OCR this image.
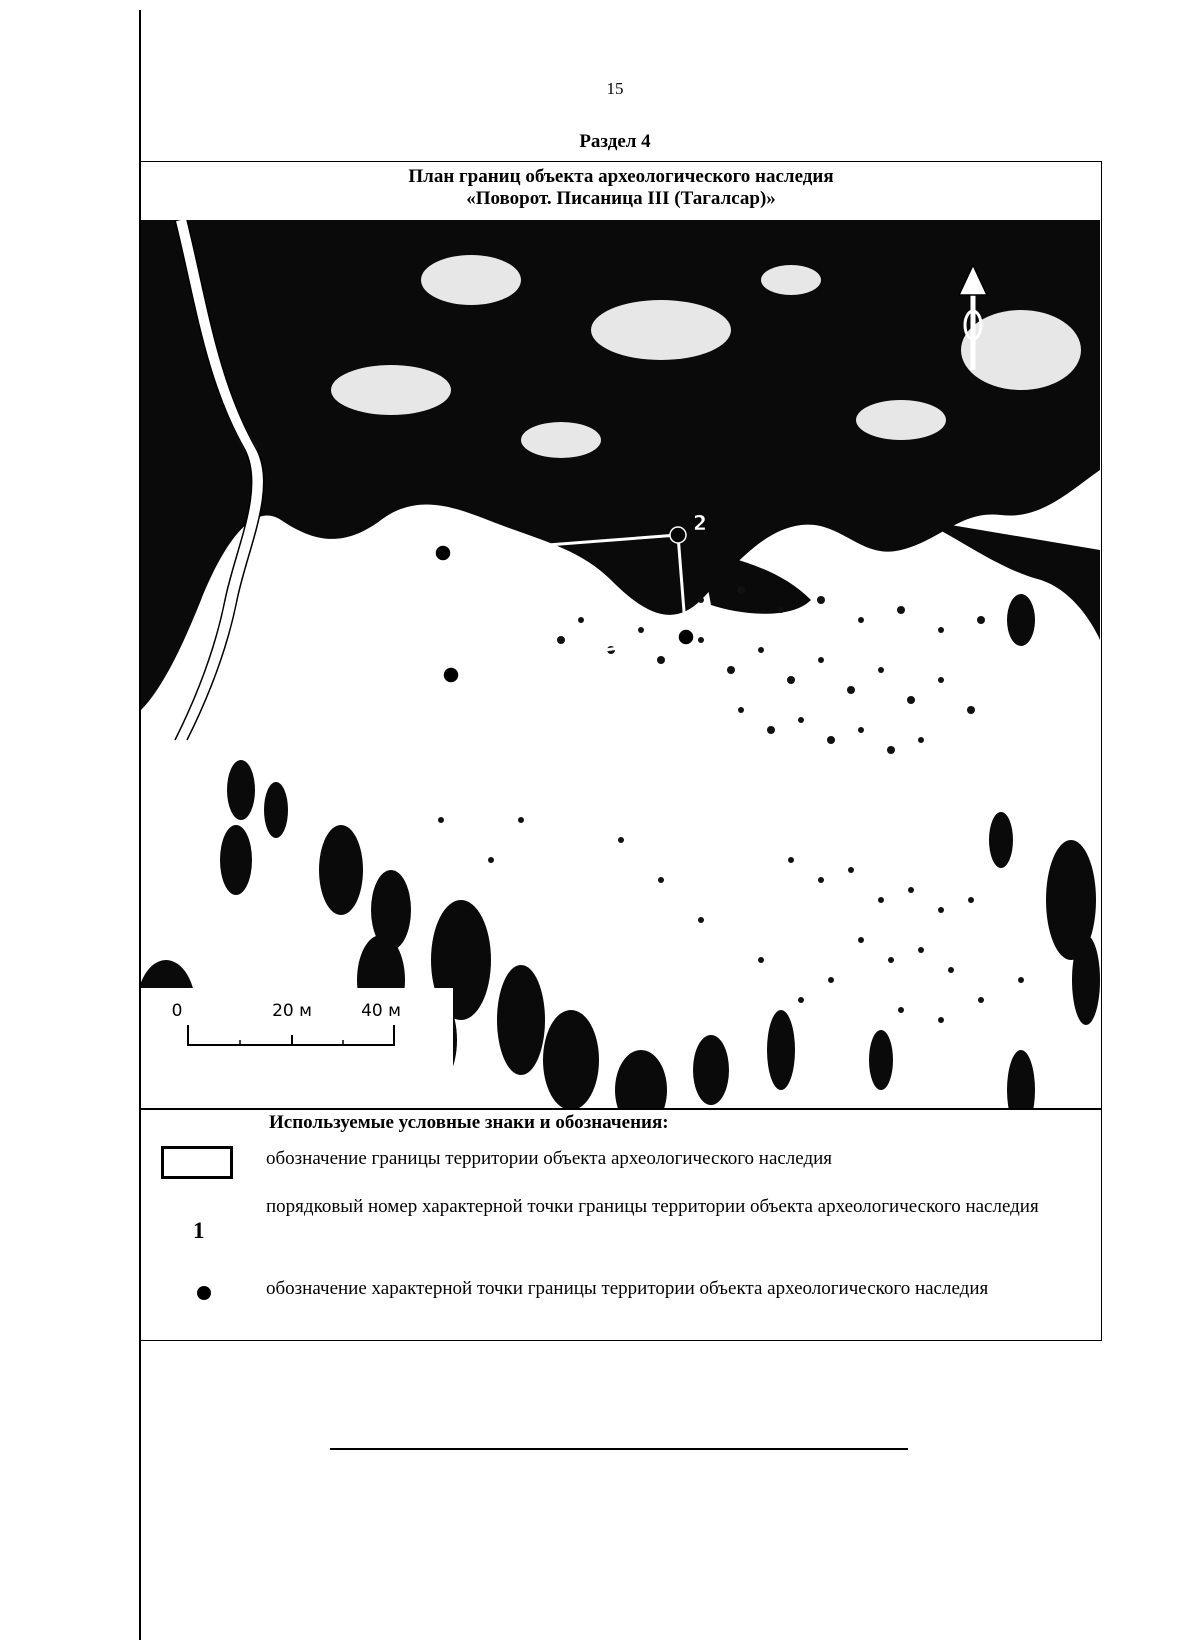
15
Раздел 4
План границ объекта археологического наследия
«Поворот. Писаница III (Тагалсар)»
2
0	20 м	40 м
Используемые условные знаки и обозначения:
обозначение границы территории объекта археологического наследия
1
порядковый номер характерной точки границы территории объекта археологического наследия
обозначение характерной точки границы территории объекта археологического наследия
